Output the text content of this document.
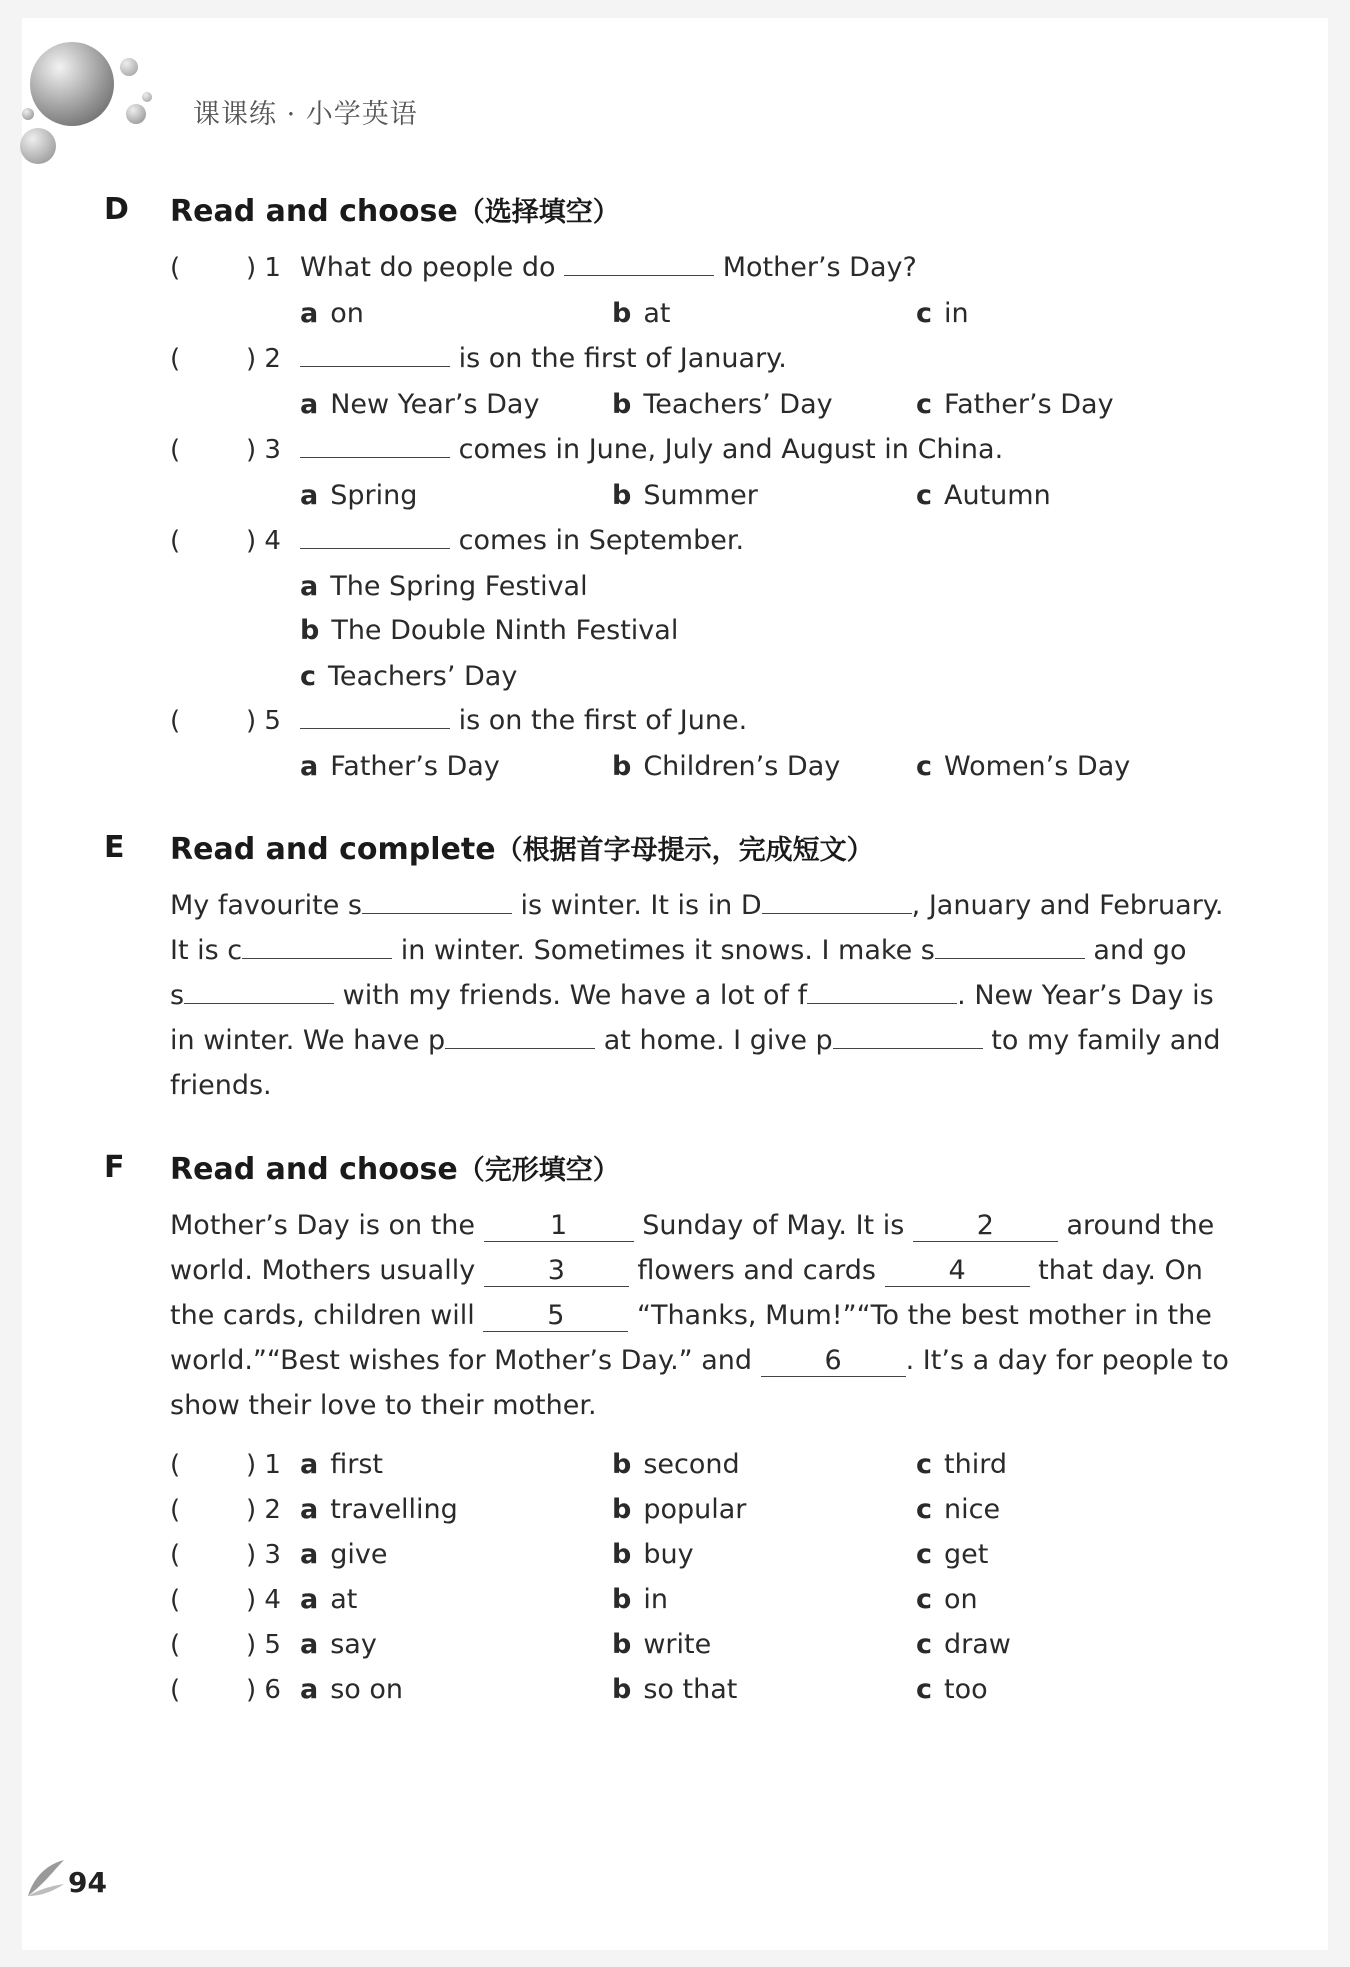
课课练 · 小学英语
D Read and choose（选择填空）
(	) 1 What do people do	Mother’s Day?
a on	b at	c in
(	) 2	is on the first of January.
a New Year’s Day	b Teachers’ Day	c Father’s Day
(	) 3	comes in June, July and August in China.
a Spring	b Summer	c Autumn
(	) 4	comes in September.
a The Spring Festival
b The Double Ninth Festival
c Teachers’ Day
(	) 5	is on the first of June.
a Father’s Day	b Children’s Day	c Women’s Day
E Read and complete（根据首字母提示，完成短文）
My favourite s	is winter. It is in D	, January and February.
It is c	in winter. Sometimes it snows. I make s	and go
s	with my friends. We have a lot of f	. New Year’s Day is
in winter. We have p	at home. I give p	to my family and
friends.
F Read and choose（完形填空）
Mother’s Day is on the	1	Sunday of May. It is	2	around the
world. Mothers usually	3	flowers and cards	4	that day. On
the cards, children will	5	“Thanks, Mum!”“To the best mother in the
world.”“Best wishes for Mother’s Day.” and	6 . It’s a day for people to
show their love to their mother.
(	) 1 a first	b second	c third
(	) 2 a travelling	b popular	c nice
(	) 3 a give	b buy	c get
(	) 4 a at	b in	c on
(	) 5 a say	b write	c draw
(	) 6 a so on	b so that	c too
94
